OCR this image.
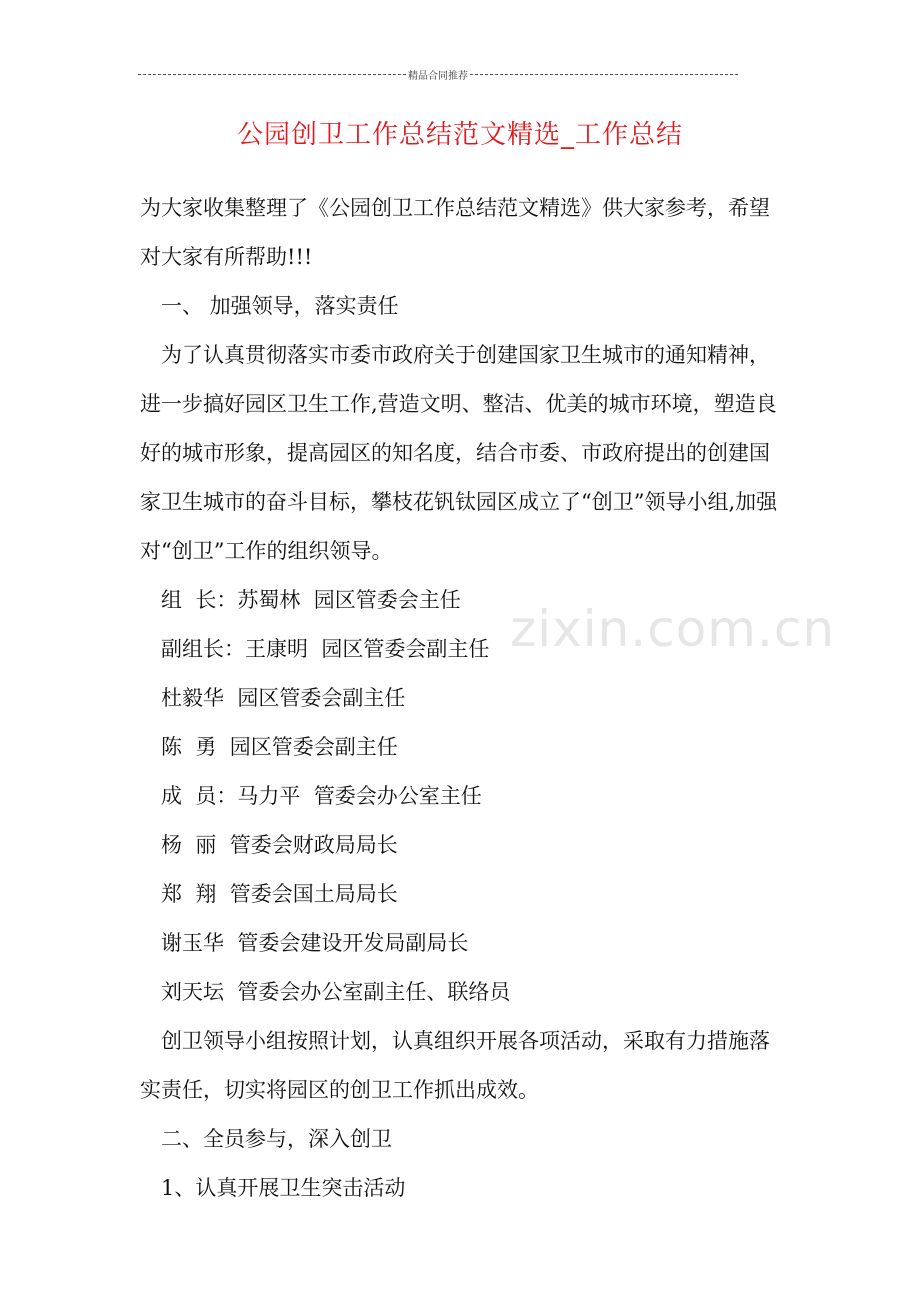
精品合同推荐
公园创卫工作总结范文精选_工作总结
zixin.com.cn

为大家收集整理了《公园创卫工作总结范文精选》供大家参考，希望对大家有所帮助!!!

一、 加强领导，落实责任

为了认真贯彻落实市委市政府关于创建国家卫生城市的通知精神，进一步搞好园区卫生工作,营造文明、整洁、优美的城市环境，塑造良好的城市形象，提高园区的知名度，结合市委、市政府提出的创建国家卫生城市的奋斗目标，攀枝花钒钛园区成立了“创卫”领导小组,加强对“创卫”工作的组织领导。

组  长：苏蜀林  园区管委会主任

副组长：王康明  园区管委会副主任

杜毅华  园区管委会副主任

陈  勇  园区管委会副主任

成  员：马力平  管委会办公室主任

杨  丽  管委会财政局局长

郑  翔  管委会国土局局长

谢玉华  管委会建设开发局副局长

刘天坛  管委会办公室副主任、联络员

创卫领导小组按照计划，认真组织开展各项活动，采取有力措施落实责任，切实将园区的创卫工作抓出成效。

二、全员参与，深入创卫

1、认真开展卫生突击活动
